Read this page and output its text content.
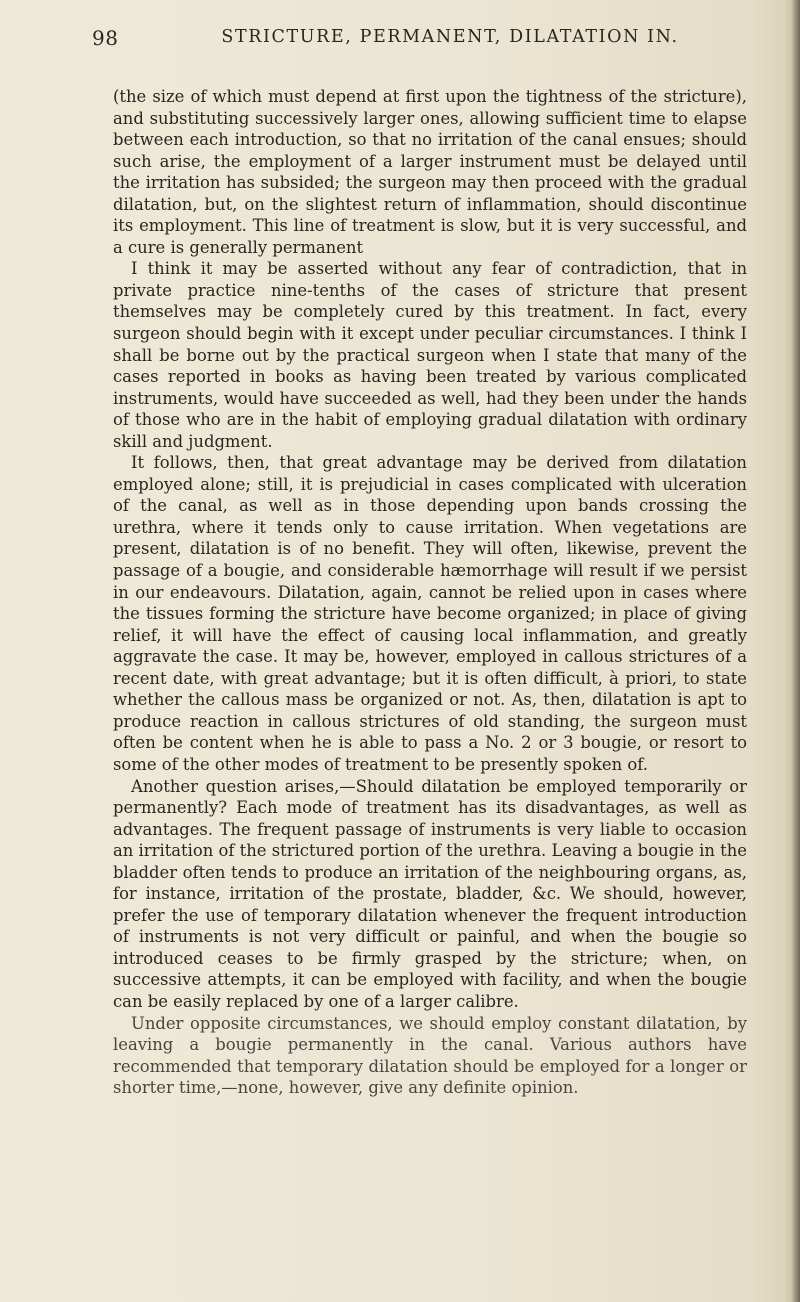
98	STRICTURE, PERMANENT, DILATATION IN.

(the size of which must depend at first upon the tightness of the stricture), and substituting successively larger ones, allowing sufficient time to elapse between each introduction, so that no irritation of the canal ensues; should such arise, the employment of a larger instrument must be delayed until the irritation has subsided; the surgeon may then proceed with the gradual dilatation, but, on the slightest return of inflammation, should discontinue its employment. This line of treatment is slow, but it is very successful, and a cure is generally permanent

I think it may be asserted without any fear of contradiction, that in private practice nine-tenths of the cases of stricture that present themselves may be completely cured by this treatment. In fact, every surgeon should begin with it except under peculiar circumstances. I think I shall be borne out by the practical surgeon when I state that many of the cases reported in books as having been treated by various complicated instruments, would have succeeded as well, had they been under the hands of those who are in the habit of employing gradual dilatation with ordinary skill and judgment.

It follows, then, that great advantage may be derived from dilatation employed alone; still, it is prejudicial in cases complicated with ulceration of the canal, as well as in those depending upon bands crossing the urethra, where it tends only to cause irritation. When vegetations are present, dilatation is of no benefit. They will often, likewise, prevent the passage of a bougie, and considerable hæmorrhage will result if we persist in our endeavours. Dilatation, again, cannot be relied upon in cases where the tissues forming the stricture have become organized; in place of giving relief, it will have the effect of causing local inflammation, and greatly aggravate the case. It may be, however, employed in callous strictures of a recent date, with great advantage; but it is often difficult, à priori, to state whether the callous mass be organized or not. As, then, dilatation is apt to produce reaction in callous strictures of old standing, the surgeon must often be content when he is able to pass a No. 2 or 3 bougie, or resort to some of the other modes of treatment to be presently spoken of.

Another question arises,—Should dilatation be employed temporarily or permanently? Each mode of treatment has its disadvantages, as well as advantages. The frequent passage of instruments is very liable to occasion an irritation of the strictured portion of the urethra. Leaving a bougie in the bladder often tends to produce an irritation of the neighbouring organs, as, for instance, irritation of the prostate, bladder, &c. We should, however, prefer the use of temporary dilatation whenever the frequent introduction of instruments is not very difficult or painful, and when the bougie so introduced ceases to be firmly grasped by the stricture; when, on successive attempts, it can be employed with facility, and when the bougie can be easily replaced by one of a larger calibre.

Under opposite circumstances, we should employ constant dilatation, by leaving a bougie permanently in the canal. Various authors have recommended that temporary dilatation should be employed for a longer or shorter time,—none, however, give any definite opinion.
